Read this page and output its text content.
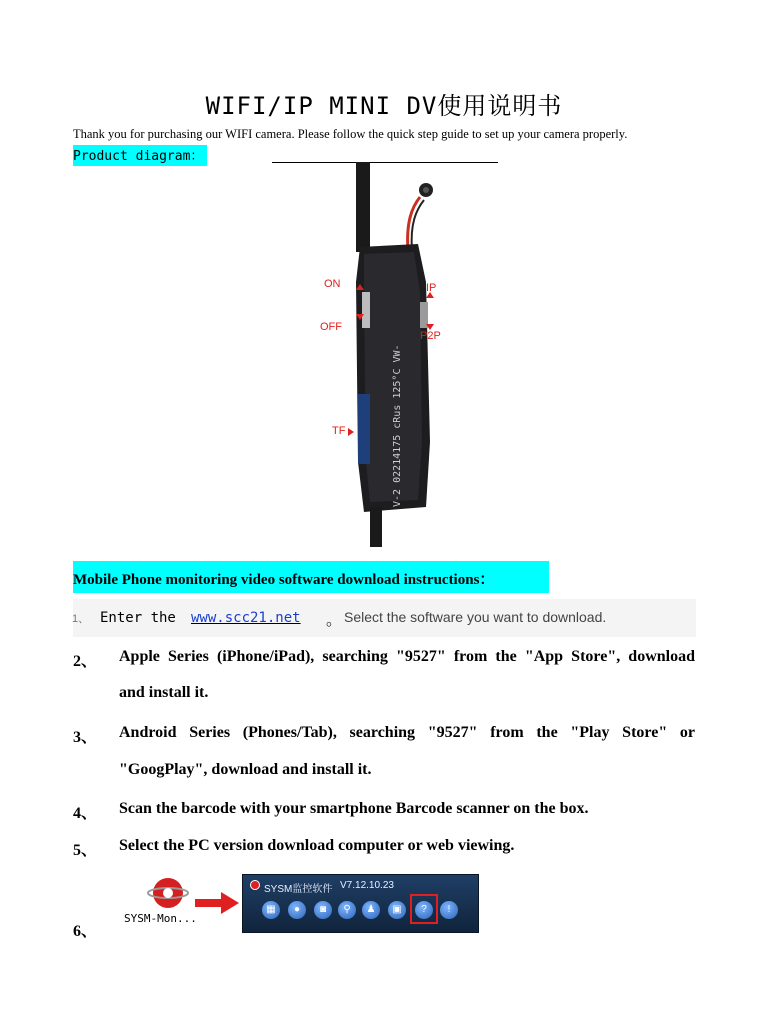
WIFI/IP MINI DV使用说明书
Thank you for purchasing our WIFI camera. Please follow the quick step guide to set up your camera properly.
Product diagram：
V-2 02214175 cRus 125°C VW-
ON
OFF
IP
P2P
TF
Mobile Phone monitoring video software download instructions：
1、 Enter the www.scc21.net 。 Select the software you want to download.
2、 Apple Series (iPhone/iPad), searching "9527" from the "App Store", download
and install it.
3、 Android Series (Phones/Tab), searching "9527" from the "Play Store" or
"GoogPlay", download and install it.
4、 Scan the barcode with your smartphone Barcode scanner on the box.
5、 Select the PC version download computer or web viewing.
6、
SYSM-Mon...
SYSM监控软件 V7.12.10.23
▦	●	◙	⚲	♟	▣	?	!
